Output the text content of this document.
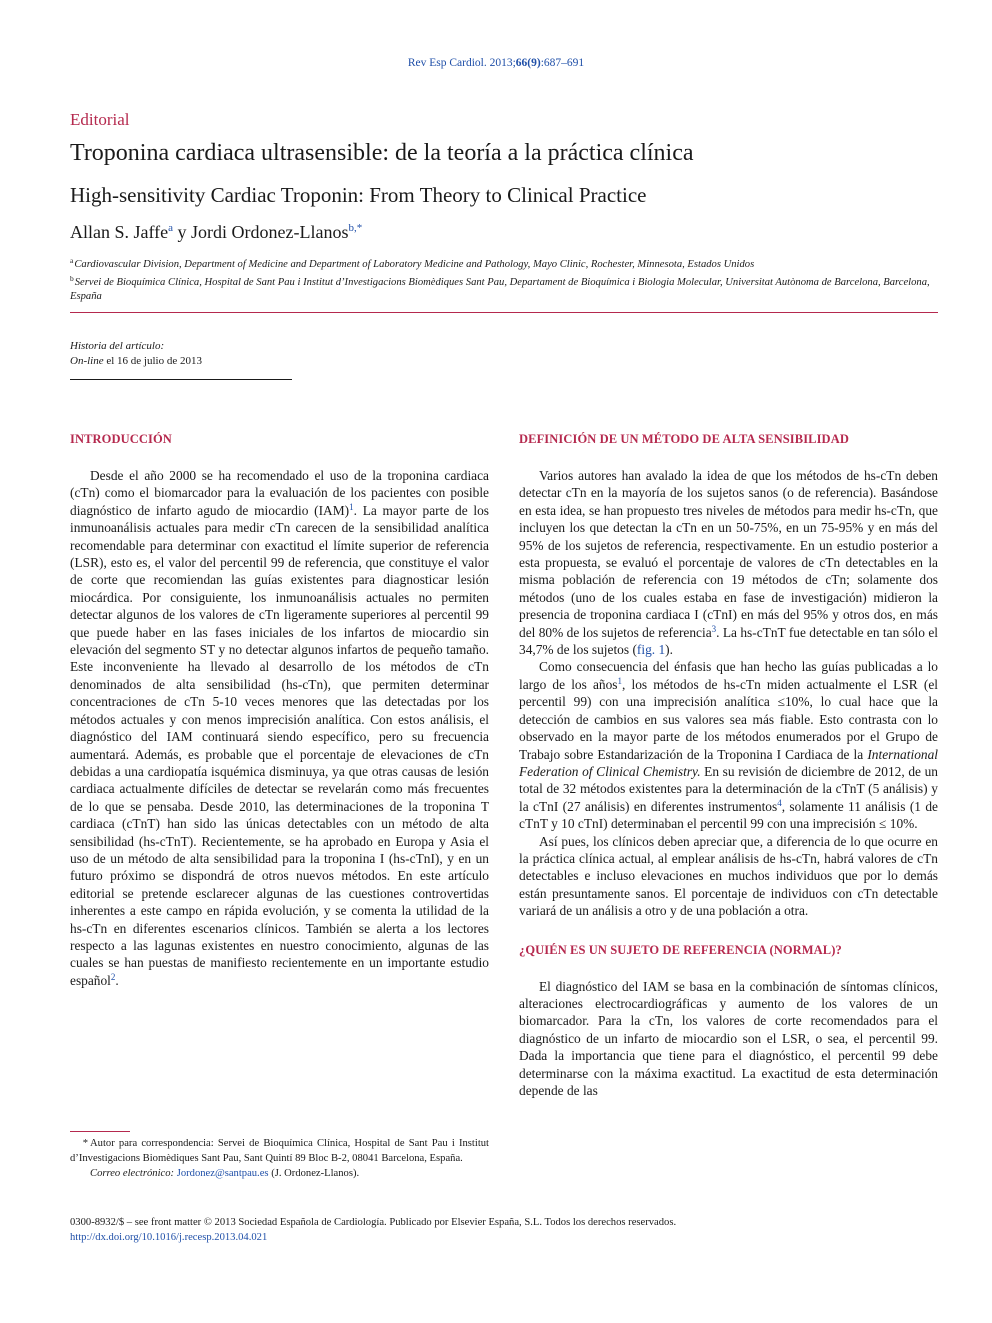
Rev Esp Cardiol. 2013;66(9):687–691
Editorial
Troponina cardiaca ultrasensible: de la teoría a la práctica clínica
High-sensitivity Cardiac Troponin: From Theory to Clinical Practice
Allan S. Jaffe$^a$ y Jordi Ordonez-Llanos$^{b,*}$
$^a$Cardiovascular Division, Department of Medicine and Department of Laboratory Medicine and Pathology, Mayo Clinic, Rochester, Minnesota, Estados Unidos
$^b$Servei de Bioquímica Clínica, Hospital de Sant Pau i Institut d’Investigacions Biomèdiques Sant Pau, Departament de Bioquímica i Biologia Molecular, Universitat Autònoma de Barcelona, Barcelona, España
Historia del artículo:
On-line el 16 de julio de 2013
INTRODUCCIÓN

Desde el año 2000 se ha recomendado el uso de la troponina cardiaca (cTn) como el biomarcador para la evaluación de los pacientes con posible diagnóstico de infarto agudo de miocardio (IAM)$^1$. La mayor parte de los inmunoanálisis actuales para medir cTn carecen de la sensibilidad analítica recomendable para determinar con exactitud el límite superior de referencia (LSR), esto es, el valor del percentil 99 de referencia, que constituye el valor de corte que recomiendan las guías existentes para diagnosticar lesión miocárdica. Por consiguiente, los inmunoanálisis actuales no permiten detectar algunos de los valores de cTn ligeramente superiores al percentil 99 que puede haber en las fases iniciales de los infartos de miocardio sin elevación del segmento ST y no detectar algunos infartos de pequeño tamaño. Este inconveniente ha llevado al desarrollo de los métodos de cTn denominados de alta sensibilidad (hs-cTn), que permiten determinar concentraciones de cTn 5-10 veces menores que las detectadas por los métodos actuales y con menos imprecisión analítica. Con estos análisis, el diagnóstico del IAM continuará siendo específico, pero su frecuencia aumentará. Además, es probable que el porcentaje de elevaciones de cTn debidas a una cardiopatía isquémica disminuya, ya que otras causas de lesión cardiaca actualmente difíciles de detectar se revelarán como más frecuentes de lo que se pensaba. Desde 2010, las determinaciones de la troponina T cardiaca (cTnT) han sido las únicas detectables con un método de alta sensibilidad (hs-cTnT). Recientemente, se ha aprobado en Europa y Asia el uso de un método de alta sensibilidad para la troponina I (hs-cTnI), y en un futuro próximo se dispondrá de otros nuevos métodos. En este artículo editorial se pretende esclarecer algunas de las cuestiones controvertidas inherentes a este campo en rápida evolución, y se comenta la utilidad de la hs-cTn en diferentes escenarios clínicos. También se alerta a los lectores respecto a las lagunas existentes en nuestro conocimiento, algunas de las cuales se han puestas de manifiesto recientemente en un importante estudio español$^2$.

DEFINICIÓN DE UN MÉTODO DE ALTA SENSIBILIDAD

Varios autores han avalado la idea de que los métodos de hs-cTn deben detectar cTn en la mayoría de los sujetos sanos (o de referencia). Basándose en esta idea, se han propuesto tres niveles de métodos para medir hs-cTn, que incluyen los que detectan la cTn en un 50-75%, en un 75-95% y en más del 95% de los sujetos de referencia, respectivamente. En un estudio posterior a esta propuesta, se evaluó el porcentaje de valores de cTn detectables en la misma población de referencia con 19 métodos de cTn; solamente dos métodos (uno de los cuales estaba en fase de investigación) midieron la presencia de troponina cardiaca I (cTnI) en más del 95% y otros dos, en más del 80% de los sujetos de referencia$^3$. La hs-cTnT fue detectable en tan sólo el 34,7% de los sujetos (fig. 1).

Como consecuencia del énfasis que han hecho las guías publicadas a lo largo de los años$^1$, los métodos de hs-cTn miden actualmente el LSR (el percentil 99) con una imprecisión analítica ≤10%, lo cual hace que la detección de cambios en sus valores sea más fiable. Esto contrasta con lo observado en la mayor parte de los métodos enumerados por el Grupo de Trabajo sobre Estandarización de la Troponina I Cardiaca de la International Federation of Clinical Chemistry. En su revisión de diciembre de 2012, de un total de 32 métodos existentes para la determinación de la cTnT (5 análisis) y la cTnI (27 análisis) en diferentes instrumentos$^4$, solamente 11 análisis (1 de cTnT y 10 cTnI) determinaban el percentil 99 con una imprecisión ≤ 10%.

Así pues, los clínicos deben apreciar que, a diferencia de lo que ocurre en la práctica clínica actual, al emplear análisis de hs-cTn, habrá valores de cTn detectables e incluso elevaciones en muchos individuos que por lo demás están presuntamente sanos. El porcentaje de individuos con cTn detectable variará de un análisis a otro y de una población a otra.

¿QUIÉN ES UN SUJETO DE REFERENCIA (NORMAL)?

El diagnóstico del IAM se basa en la combinación de síntomas clínicos, alteraciones electrocardiográficas y aumento de los valores de un biomarcador. Para la cTn, los valores de corte recomendados para el diagnóstico de un infarto de miocardio son el LSR, o sea, el percentil 99. Dada la importancia que tiene para el diagnóstico, el percentil 99 debe determinarse con la máxima exactitud. La exactitud de esta determinación depende de las

* Autor para correspondencia: Servei de Bioquímica Clínica, Hospital de Sant Pau i Institut d’Investigacions Biomèdiques Sant Pau, Sant Quintí 89 Bloc B-2, 08041 Barcelona, España.
Correo electrónico: Jordonez@santpau.es (J. Ordonez-Llanos).
0300-8932/$ – see front matter © 2013 Sociedad Española de Cardiología. Publicado por Elsevier España, S.L. Todos los derechos reservados.
http://dx.doi.org/10.1016/j.recesp.2013.04.021
